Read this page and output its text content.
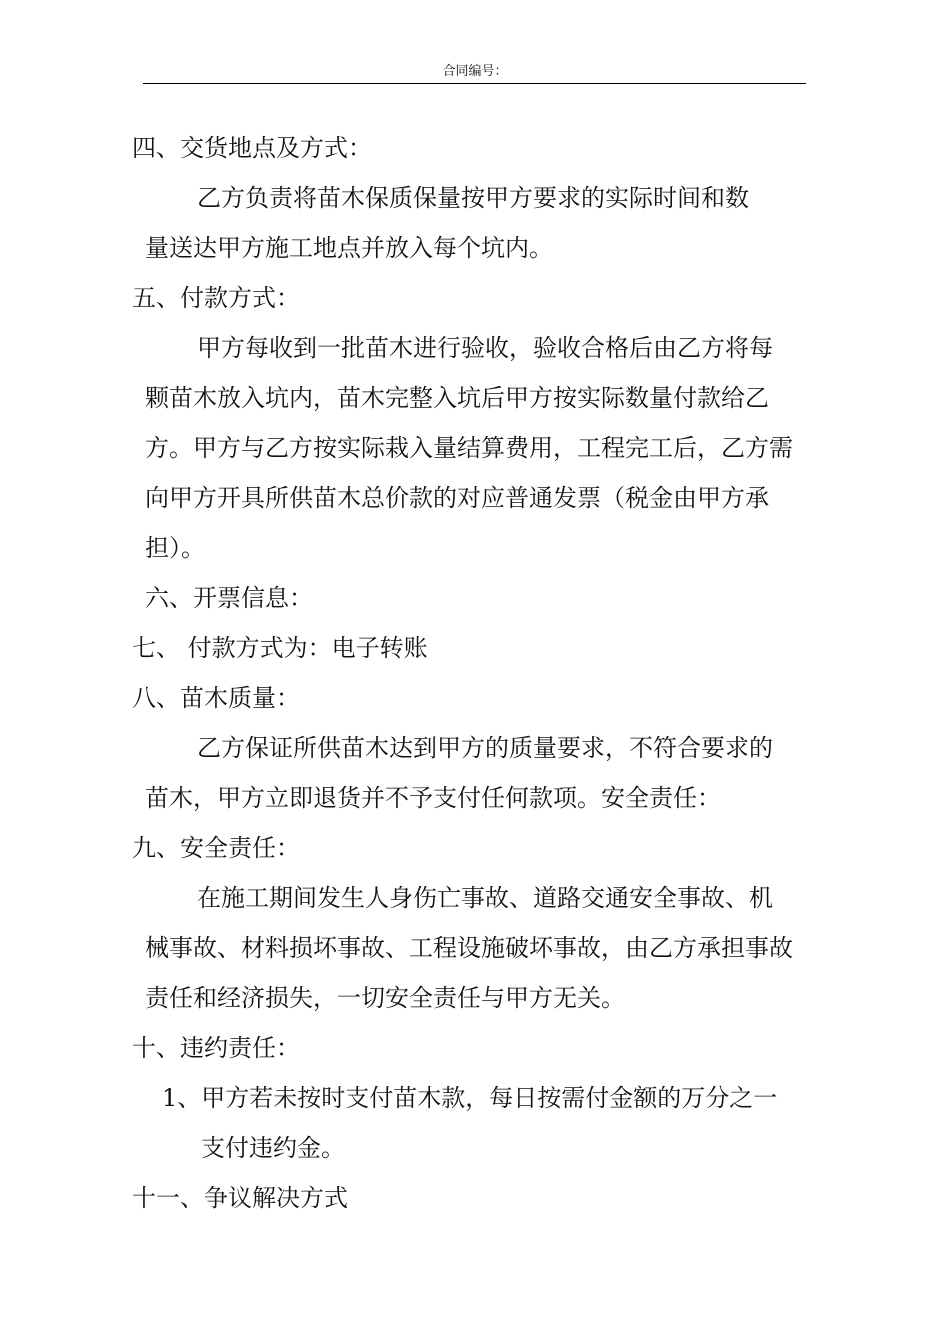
合同编号：
四、交货地点及方式：
乙方负责将苗木保质保量按甲方要求的实际时间和数
量送达甲方施工地点并放入每个坑内。
五、付款方式：
甲方每收到一批苗木进行验收，验收合格后由乙方将每
颗苗木放入坑内，苗木完整入坑后甲方按实际数量付款给乙
方。甲方与乙方按实际栽入量结算费用，工程完工后，乙方需
向甲方开具所供苗木总价款的对应普通发票（税金由甲方承
担）。
六、开票信息：
七、 付款方式为：电子转账
八、苗木质量：
乙方保证所供苗木达到甲方的质量要求，不符合要求的
苗木，甲方立即退货并不予支付任何款项。安全责任：
九、安全责任：
在施工期间发生人身伤亡事故、道路交通安全事故、机
械事故、材料损坏事故、工程设施破坏事故，由乙方承担事故
责任和经济损失，一切安全责任与甲方无关。
十、违约责任：
1、甲方若未按时支付苗木款，每日按需付金额的万分之一
支付违约金。
十一、争议解决方式
